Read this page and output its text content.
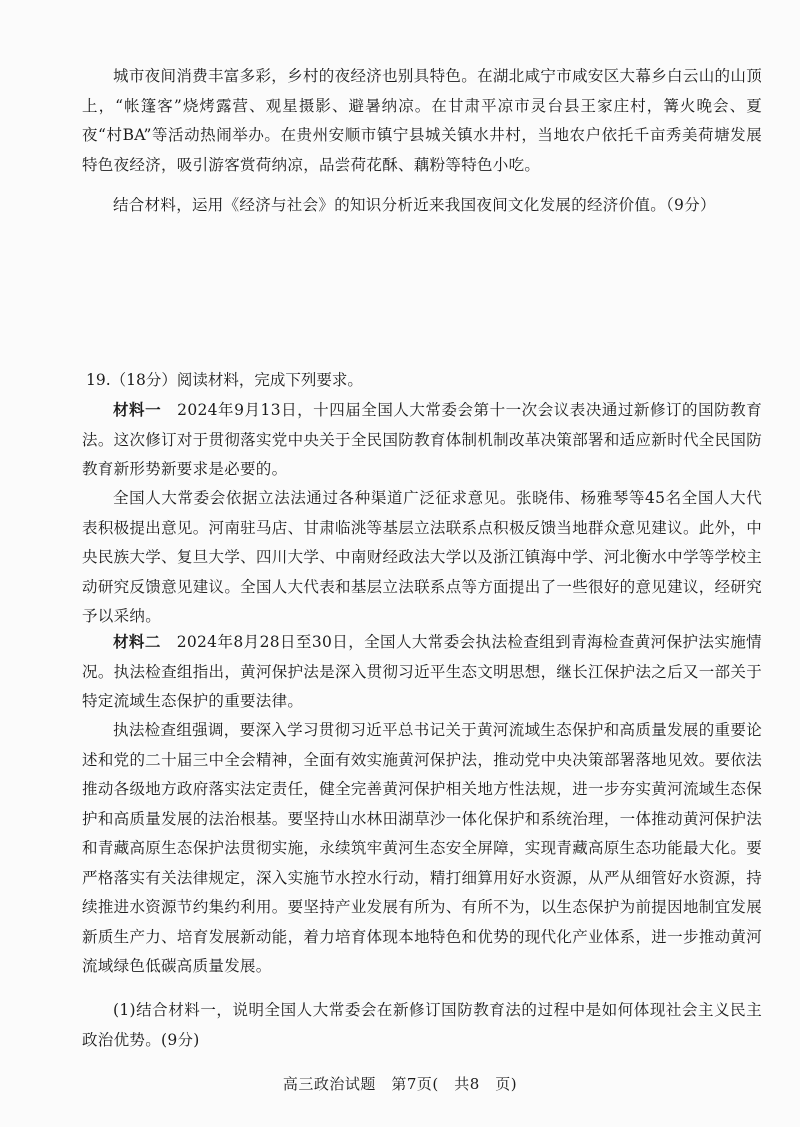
城市夜间消费丰富多彩，乡村的夜经济也别具特色。在湖北咸宁市咸安区大幕乡白云山的山顶上，“帐篷客”烧烤露营、观星摄影、避暑纳凉。在甘肃平凉市灵台县王家庄村，篝火晚会、夏夜“村BA”等活动热闹举办。在贵州安顺市镇宁县城关镇水井村，当地农户依托千亩秀美荷塘发展特色夜经济，吸引游客赏荷纳凉，品尝荷花酥、藕粉等特色小吃。

结合材料，运用《经济与社会》的知识分析近来我国夜间文化发展的经济价值。（9分）

19.（18分）阅读材料，完成下列要求。

材料一　 2024年9月13日，十四届全国人大常委会第十一次会议表决通过新修订的国防教育法。这次修订对于贯彻落实党中央关于全民国防教育体制机制改革决策部署和适应新时代全民国防教育新形势新要求是必要的。

全国人大常委会依据立法法通过各种渠道广泛征求意见。张晓伟、杨雅琴等45名全国人大代表积极提出意见。河南驻马店、甘肃临洮等基层立法联系点积极反馈当地群众意见建议。此外，中央民族大学、复旦大学、四川大学、中南财经政法大学以及浙江镇海中学、河北衡水中学等学校主动研究反馈意见建议。全国人大代表和基层立法联系点等方面提出了一些很好的意见建议，经研究予以采纳。

材料二　 2024年8月28日至30日，全国人大常委会执法检查组到青海检查黄河保护法实施情况。执法检查组指出，黄河保护法是深入贯彻习近平生态文明思想，继长江保护法之后又一部关于特定流域生态保护的重要法律。

执法检查组强调，要深入学习贯彻习近平总书记关于黄河流域生态保护和高质量发展的重要论述和党的二十届三中全会精神，全面有效实施黄河保护法，推动党中央决策部署落地见效。要依法推动各级地方政府落实法定责任，健全完善黄河保护相关地方性法规，进一步夯实黄河流域生态保护和高质量发展的法治根基。要坚持山水林田湖草沙一体化保护和系统治理，一体推动黄河保护法和青藏高原生态保护法贯彻实施，永续筑牢黄河生态安全屏障，实现青藏高原生态功能最大化。要严格落实有关法律规定，深入实施节水控水行动，精打细算用好水资源，从严从细管好水资源，持续推进水资源节约集约利用。要坚持产业发展有所为、有所不为，以生态保护为前提因地制宜发展新质生产力、培育发展新动能，着力培育体现本地特色和优势的现代化产业体系，进一步推动黄河流域绿色低碳高质量发展。

(1)结合材料一，说明全国人大常委会在新修订国防教育法的过程中是如何体现社会主义民主政治优势。(9分)

高三政治试题　第7页(　共8　页)
